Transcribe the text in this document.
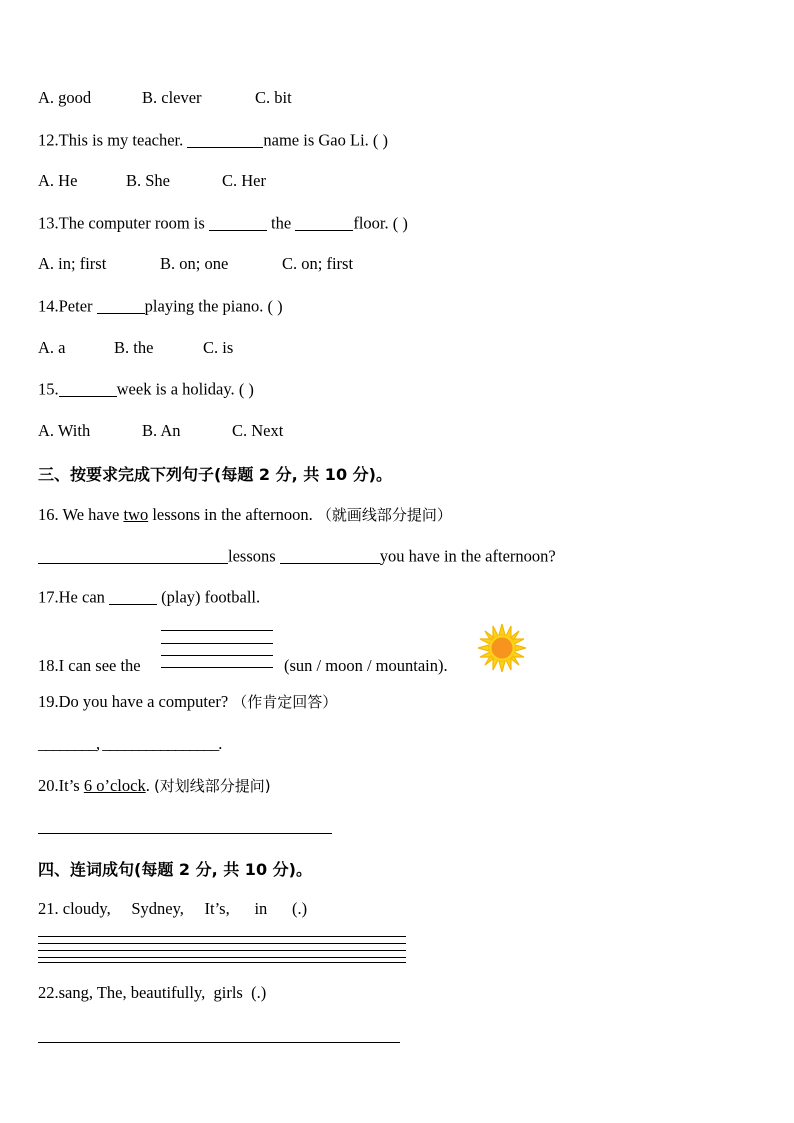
A. good	B. clever	C. bit
12.This is my teacher.	name is Gao Li. ( )
A. He	B. She	C. Her
13.The computer room is	the	floor. ( )
A. in; first	B. on; one	C. on; first
14.Peter	playing the piano. ( )
A. a	B. the	C. is
15.	week is a holiday. ( )
A. With	B. An	C. Next
三、按要求完成下列句子(每题 2 分, 共 10 分)。
16. We have two lessons in the afternoon. （就画线部分提问）
lessons	you have in the afternoon?
17.He can	(play) football.
18.I can see the	(sun / moon / mountain).
19.Do you have a computer? （作肯定回答）
________, ________________.
20.It’s 6 o’clock. (对划线部分提问)
四、连词成句(每题 2 分, 共 10 分)。
21. cloudy,     Sydney,     It’s,      in      (.)
22.sang, The, beautifully,  girls  (.)
